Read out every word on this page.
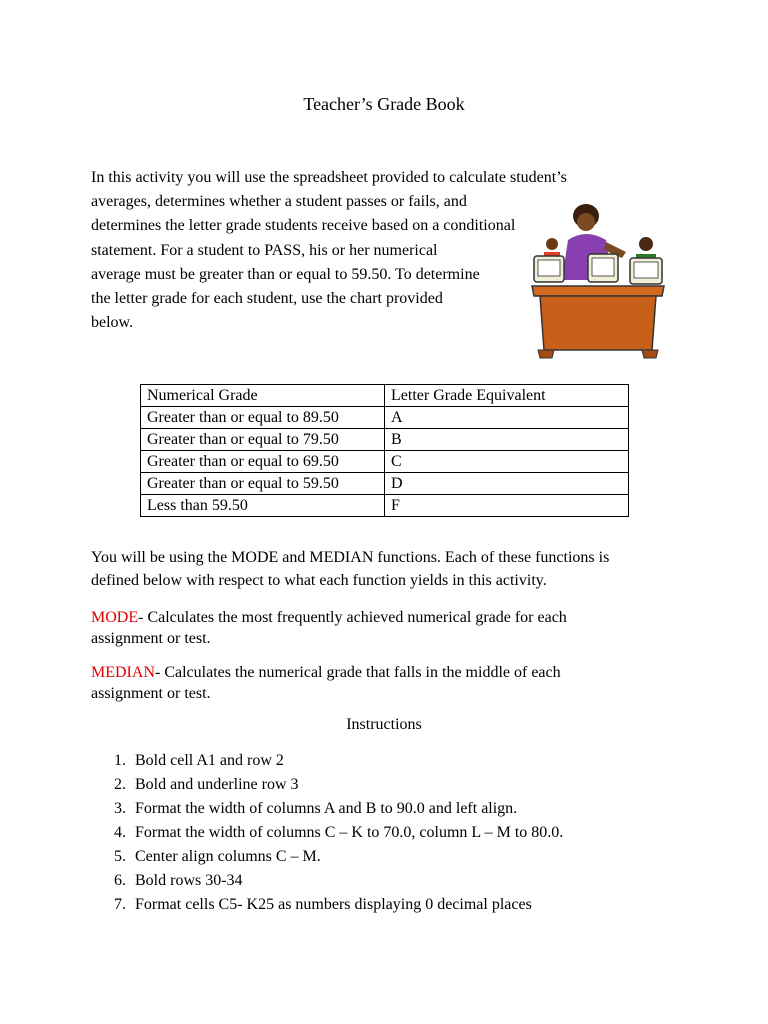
Teacher’s Grade Book
In this activity you will use the spreadsheet provided to calculate student’s
averages, determines whether a student passes or fails, and
determines the letter grade students receive based on a conditional
statement. For a student to PASS, his or her numerical
average must be greater than or equal to 59.50. To determine
the letter grade for each student, use the chart provided
below.
Numerical Grade	Letter Grade Equivalent
Greater than or equal to 89.50	A
Greater than or equal to 79.50	B
Greater than or equal to 69.50	C
Greater than or equal to 59.50	D
Less than 59.50	F
You will be using the MODE and MEDIAN functions. Each of these functions is
defined below with respect to what each function yields in this activity.
MODE- Calculates the most frequently achieved numerical grade for each
assignment or test.
MEDIAN- Calculates the numerical grade that falls in the middle of each
assignment or test.
Instructions
1. Bold cell A1 and row 2
2. Bold and underline row 3
3. Format the width of columns A and B to 90.0 and left align.
4. Format the width of columns C – K to 70.0, column L – M to 80.0.
5. Center align columns C – M.
6. Bold rows 30-34
7. Format cells C5- K25 as numbers displaying 0 decimal places
